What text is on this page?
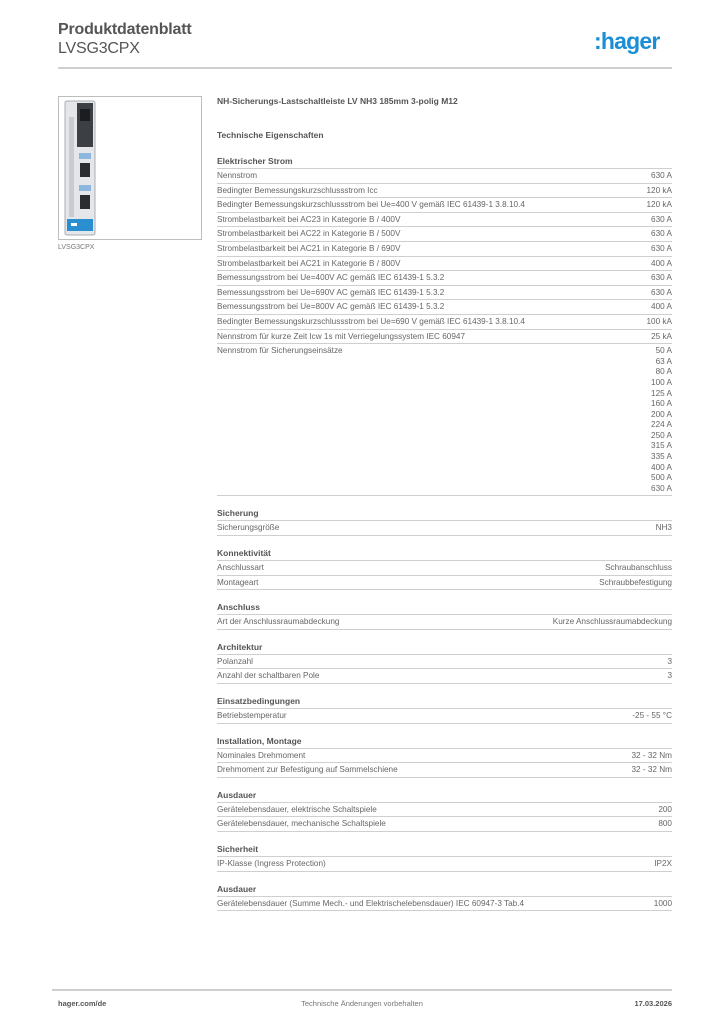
Produktdatenblatt
LVSG3CPX	:hager
LVSG3CPX
NH-Sicherungs-Lastschaltleiste LV NH3 185mm 3-polig M12
Technische Eigenschaften
Elektrischer Strom
Nennstrom	630 A
Bedingter Bemessungskurzschlussstrom Icc	120 kA
Bedingter Bemessungskurzschlussstrom bei Ue=400 V gemäß IEC 61439-1 3.8.10.4	120 kA
Strombelastbarkeit bei AC23 in Kategorie B / 400V	630 A
Strombelastbarkeit bei AC22 in Kategorie B / 500V	630 A
Strombelastbarkeit bei AC21 in Kategorie B / 690V	630 A
Strombelastbarkeit bei AC21 in Kategorie B / 800V	400 A
Bemessungsstrom bei Ue=400V AC gemäß IEC 61439-1 5.3.2	630 A
Bemessungsstrom bei Ue=690V AC gemäß IEC 61439-1 5.3.2	630 A
Bemessungsstrom bei Ue=800V AC gemäß IEC 61439-1 5.3.2	400 A
Bedingter Bemessungskurzschlussstrom bei Ue=690 V gemäß IEC 61439-1 3.8.10.4	100 kA
Nennstrom für kurze Zeit Icw 1s mit Verriegelungssystem IEC 60947	25 kA
Nennstrom für Sicherungseinsätze	50 A
63 A
80 A
100 A
125 A
160 A
200 A
224 A
250 A
315 A
335 A
400 A
500 A
630 A
Sicherung
Sicherungsgröße	NH3
Konnektivität
Anschlussart	Schraubanschluss
Montageart	Schraubbefestigung
Anschluss
Art der Anschlussraumabdeckung	Kurze Anschlussraumabdeckung
Architektur
Polanzahl	3
Anzahl der schaltbaren Pole	3
Einsatzbedingungen
Betriebstemperatur	-25 - 55 °C
Installation, Montage
Nominales Drehmoment	32 - 32 Nm
Drehmoment zur Befestigung auf Sammelschiene	32 - 32 Nm
Ausdauer
Gerätelebensdauer, elektrische Schaltspiele	200
Gerätelebensdauer, mechanische Schaltspiele	800
Sicherheit
IP-Klasse (Ingress Protection)	IP2X
Ausdauer
Gerätelebensdauer (Summe Mech.- und Elektrischelebensdauer) IEC 60947-3 Tab.4	1000
hager.com/de	Technische Änderungen vorbehalten	17.03.2026
